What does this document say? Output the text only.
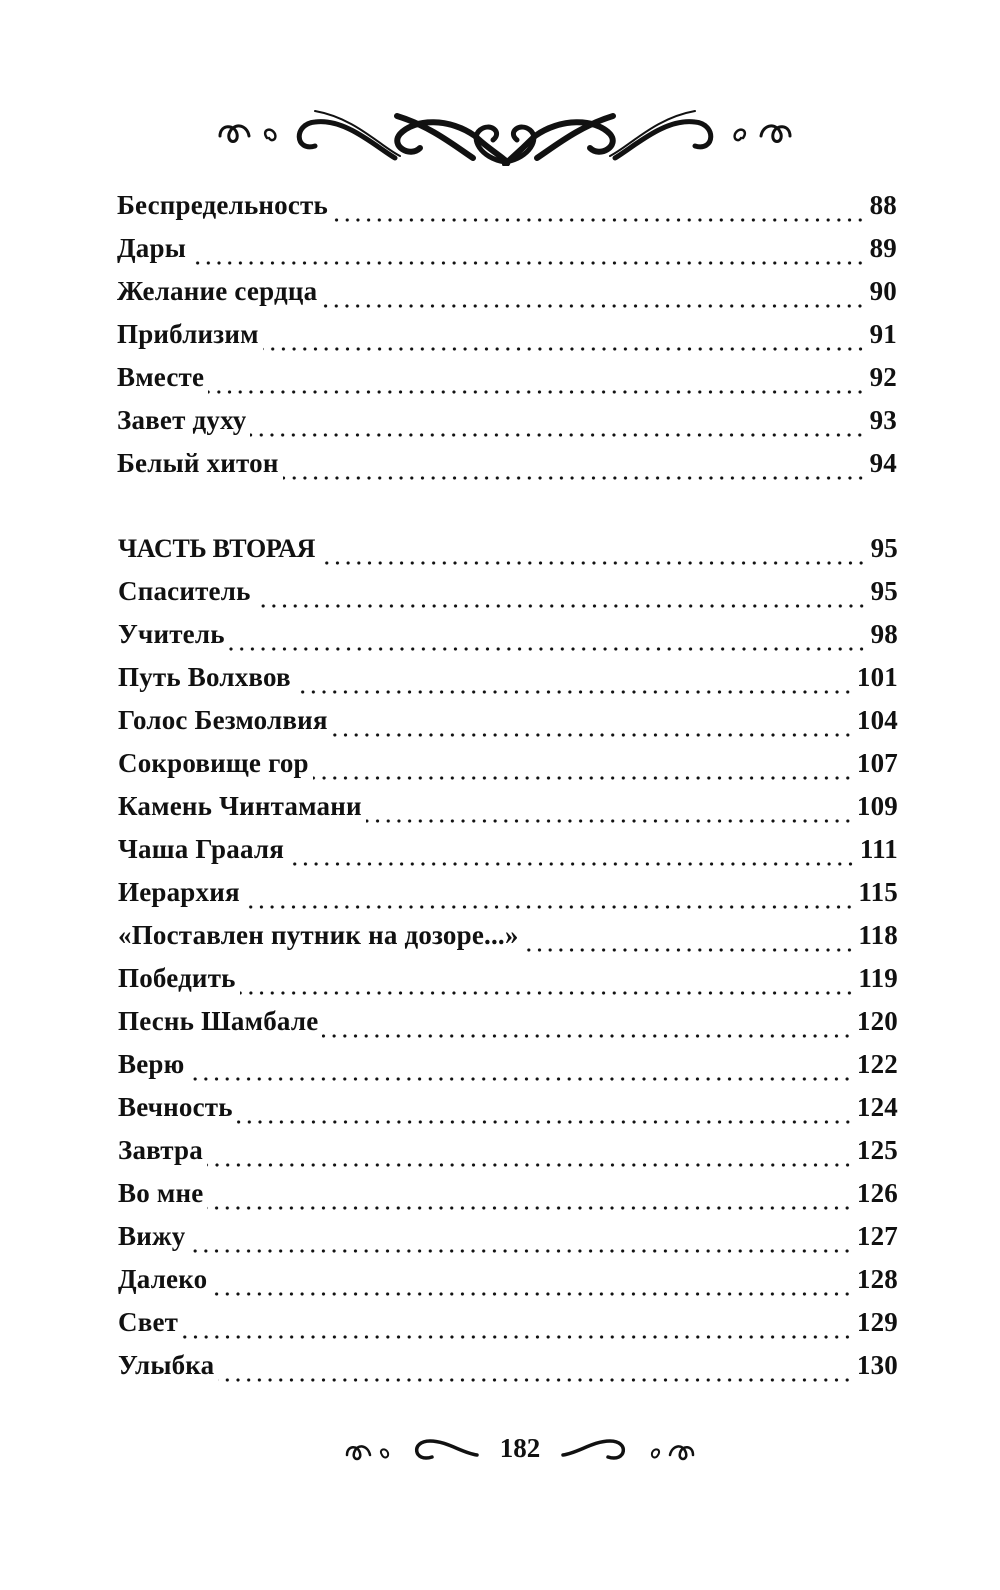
Беспредельность	88
Дары	89
Желание сердца	90
Приблизим	91
Вместе	92
Завет духу	93
Белый хитон	94
ЧАСТЬ ВТОРАЯ	95
Спаситель	95
Учитель	98
Путь Волхвов	101
Голос Безмолвия	104
Сокровище гор	107
Камень Чинтамани	109
Чаша Грааля	111
Иерархия	115
«Поставлен путник на дозоре...»	118
Победить	119
Песнь Шамбале	120
Верю	122
Вечность	124
Завтра	125
Во мне	126
Вижу	127
Далеко	128
Свет	129
Улыбка	130
182
